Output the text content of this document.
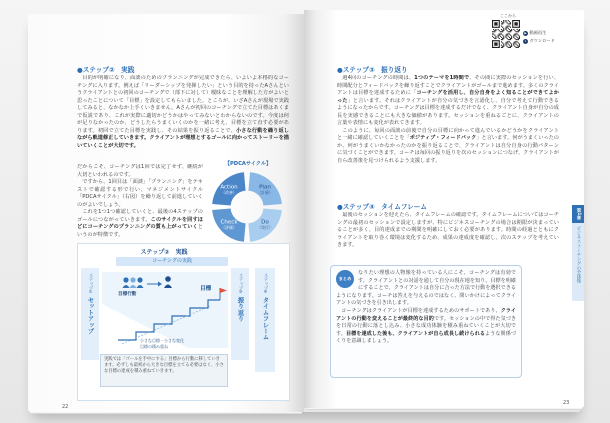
●ステップ②　実践

　目的が明確になり、面談のためのプランニングが完成できたら、いよいよ本格的なコーチングに入ります。例えば「リーダーシップを発揮したい」という目的を持ったAさんというクライアントとの初回のコーチングで（部下に対して）曖昧なことを理解した方がよいと思ったことについて「目標」を設定してもらいました。ところが、いざAさんが現場で実践してみると、なかなか上手くいきません。Aさんが初回のコーチングで立てた目標はあくまで仮説であり、これが実際に適切かどうかはやってみないとわからないのです。今度は何が足りなかったのか、どうしたらうまくいくのかを一緒に考え、目標を立て直す必要があります。初回で立てた目標を実践し、その結果を振り返ることで、小さな行動を繰り返しながら軌道修正していきます。クライアントが理想とするゴールに向かってストーリーを描いていくことが大切です。

だからこそ、コーチングは1回では完了せず、継続が大切といわれるのです。

　ですから、1回目は「面談」「プランニング」をテキストで確認する形で行い、マネジメントサイクル「PDCAサイクル」（右図）を繰り返して前進していくのがよいでしょう。

　これを1つ1つ確認していくと、最後の4ステップのゴールにつながっていきます。このサイクルを回すほどにコーチングのプランニングの質も上がっていくというのが特徴です。

【PDCAサイクル】
Action
（改善）
Plan
（計画）
Do
（実行）
Check
（評価）
ステップ②　実践
コーチングの実践
ステップ①
セットアップ
ステップ③
振り返り
ステップ④
タイムフレーム
目標行動
目標
小さな目標・小さな変化
目標の積み重ね
実践では「ゴールを手中にする」目標から行動に移していきます。必ずしも最初から大きな目標を立てる必要はなく、小さな目標の達成を積み重ねていきます。
22
ここから
▶ 動画再生
↓ ダウンロード
●ステップ③　振り返り

　週4回のコーチングの時間は、1つのテーマを1時間で、その間に実際のセッションを行い、時間配分とフィードバックを繰り返すことでクライアントがゴールまで進めます。多くのクライアントは目標を達成するために「コーチングを活用し、自分自身をよく知ることができてよかった」と言います。それはクライアントが自分の気づきを言語化し、自分で考えて行動できるようになったからです。コーチングは目標を達成するだけでなく、クライアント自身が自分の成長を実感できることにも大きな価値があります。セッションを重ねるごとに、クライアントの言葉や表情にも変化が表れてきます。

　このように、毎回の面談の前後で自分の目標に向かって進んでいるかどうかをクライアントと一緒に確認していくことを「ポジティブ・フィードバック」と言います。何がうまくいったのか、何がうまくいかなかったのかを振り返ることで、クライアントは自分自身の行動パターンに気づくことができます。コーチは毎回の振り返りを次のセッションにつなげ、クライアントが自ら改善策を見つけられるよう支援します。

第1章
ビジネスコーチングの全体像
●ステップ④　タイムフレーム

　最後のセッションを迎えたら、タイムフレームの確認です。タイムフレームについてはコーチングの最初のセッションで設定しますが、特にビジネスコーチングの場合は期限が決まっていることが多く、目的達成までの期間を明確にしておく必要があります。時間の経過とともにクライアントを取り巻く環境は変化するため、成果の達成度を確認し、次のステップを考えていきます。

まとめ

なりたい理想の人物像を持っている人にこそ、コーチングは有効です。クライアントとの対話を通して自分の現在地を知り、目標を明確にすることで、クライアントは自分に合った方法で行動を選択できるようになります。コーチは答えを与えるのではなく、問いかけによってクライアントの気づきを引き出します。

　コーチングはクライアントが目標を達成するためのサポートであり、クライアントの行動を変えることが最終的な目的です。セッションの中で得た気づきを日常の行動に落とし込み、小さな成功体験を積み重ねていくことが大切です。目標を達成した後も、クライアントが自ら成長し続けられるような関係づくりを意識しましょう。

23
